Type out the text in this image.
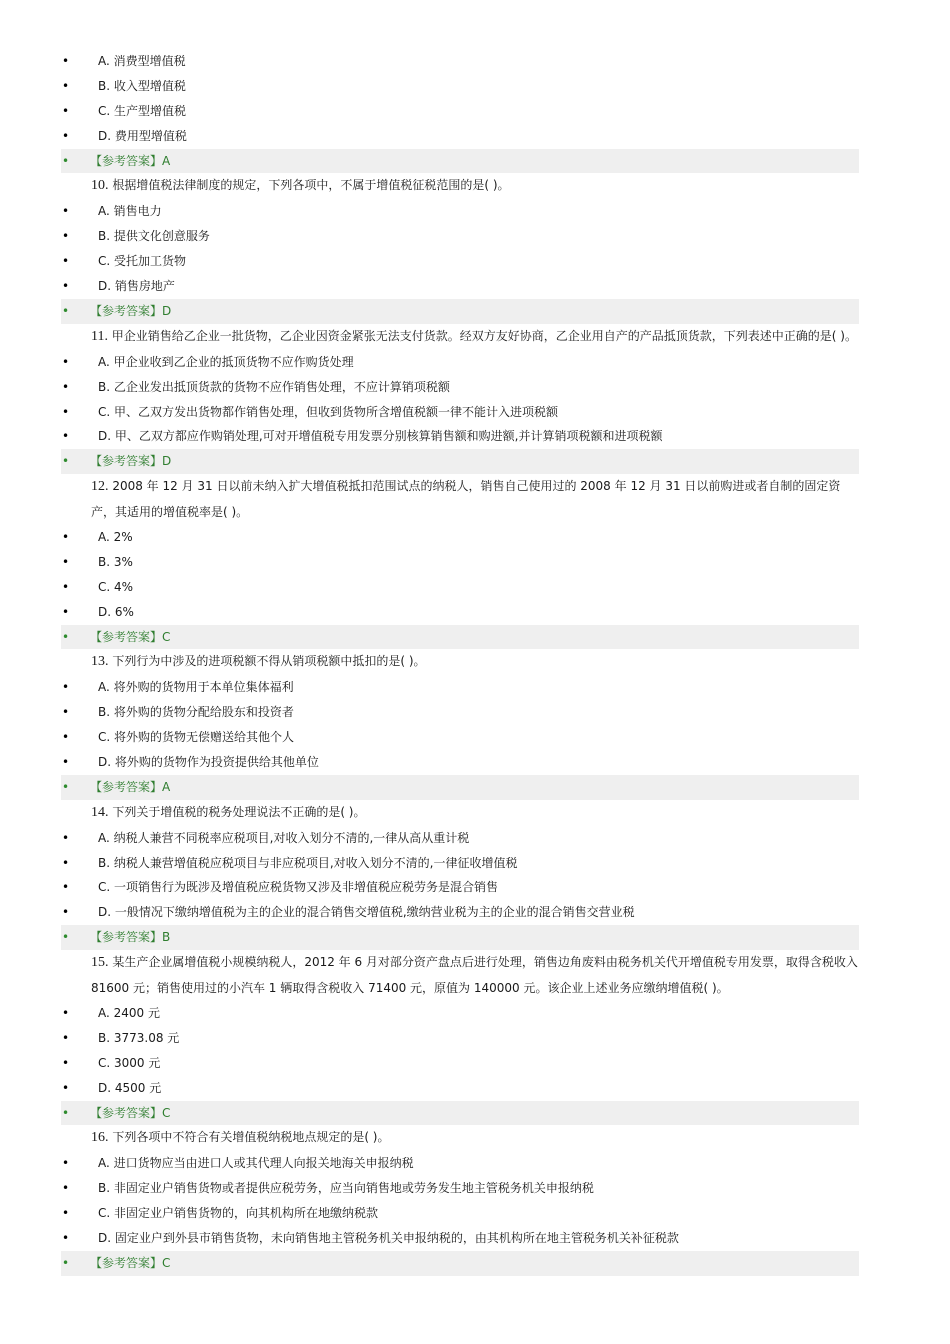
• A. 消费型增值税
• B. 收入型增值税
• C. 生产型增值税
• D. 费用型增值税
• 【参考答案】A
10. 根据增值税法律制度的规定，下列各项中，不属于增值税征税范围的是( )。
• A. 销售电力
• B. 提供文化创意服务
• C. 受托加工货物
• D. 销售房地产
• 【参考答案】D
11. 甲企业销售给乙企业一批货物，乙企业因资金紧张无法支付货款。经双方友好协商，乙企业用自产的产品抵顶货款，下列表述中正确的是( )。
• A. 甲企业收到乙企业的抵顶货物不应作购货处理
• B. 乙企业发出抵顶货款的货物不应作销售处理，不应计算销项税额
• C. 甲、乙双方发出货物都作销售处理，但收到货物所含增值税额一律不能计入进项税额
• D. 甲、乙双方都应作购销处理,可对开增值税专用发票分别核算销售额和购进额,并计算销项税额和进项税额
• 【参考答案】D
12. 2008 年 12 月 31 日以前未纳入扩大增值税抵扣范围试点的纳税人，销售自己使用过的 2008 年 12 月 31 日以前购进或者自制的固定资产，其适用的增值税率是( )。
• A. 2%
• B. 3%
• C. 4%
• D. 6%
• 【参考答案】C
13. 下列行为中涉及的进项税额不得从销项税额中抵扣的是( )。
• A. 将外购的货物用于本单位集体福利
• B. 将外购的货物分配给股东和投资者
• C. 将外购的货物无偿赠送给其他个人
• D. 将外购的货物作为投资提供给其他单位
• 【参考答案】A
14. 下列关于增值税的税务处理说法不正确的是( )。
• A. 纳税人兼营不同税率应税项目,对收入划分不清的,一律从高从重计税
• B. 纳税人兼营增值税应税项目与非应税项目,对收入划分不清的,一律征收增值税
• C. 一项销售行为既涉及增值税应税货物又涉及非增值税应税劳务是混合销售
• D. 一般情况下缴纳增值税为主的企业的混合销售交增值税,缴纳营业税为主的企业的混合销售交营业税
• 【参考答案】B
15. 某生产企业属增值税小规模纳税人，2012 年 6 月对部分资产盘点后进行处理，销售边角废料由税务机关代开增值税专用发票，取得含税收入 81600 元；销售使用过的小汽车 1 辆取得含税收入 71400 元，原值为 140000 元。该企业上述业务应缴纳增值税( )。
• A. 2400 元
• B. 3773.08 元
• C. 3000 元
• D. 4500 元
• 【参考答案】C
16. 下列各项中不符合有关增值税纳税地点规定的是( )。
• A. 进口货物应当由进口人或其代理人向报关地海关申报纳税
• B. 非固定业户销售货物或者提供应税劳务，应当向销售地或劳务发生地主管税务机关申报纳税
• C. 非固定业户销售货物的，向其机构所在地缴纳税款
• D. 固定业户到外县市销售货物，未向销售地主管税务机关申报纳税的，由其机构所在地主管税务机关补征税款
• 【参考答案】C
